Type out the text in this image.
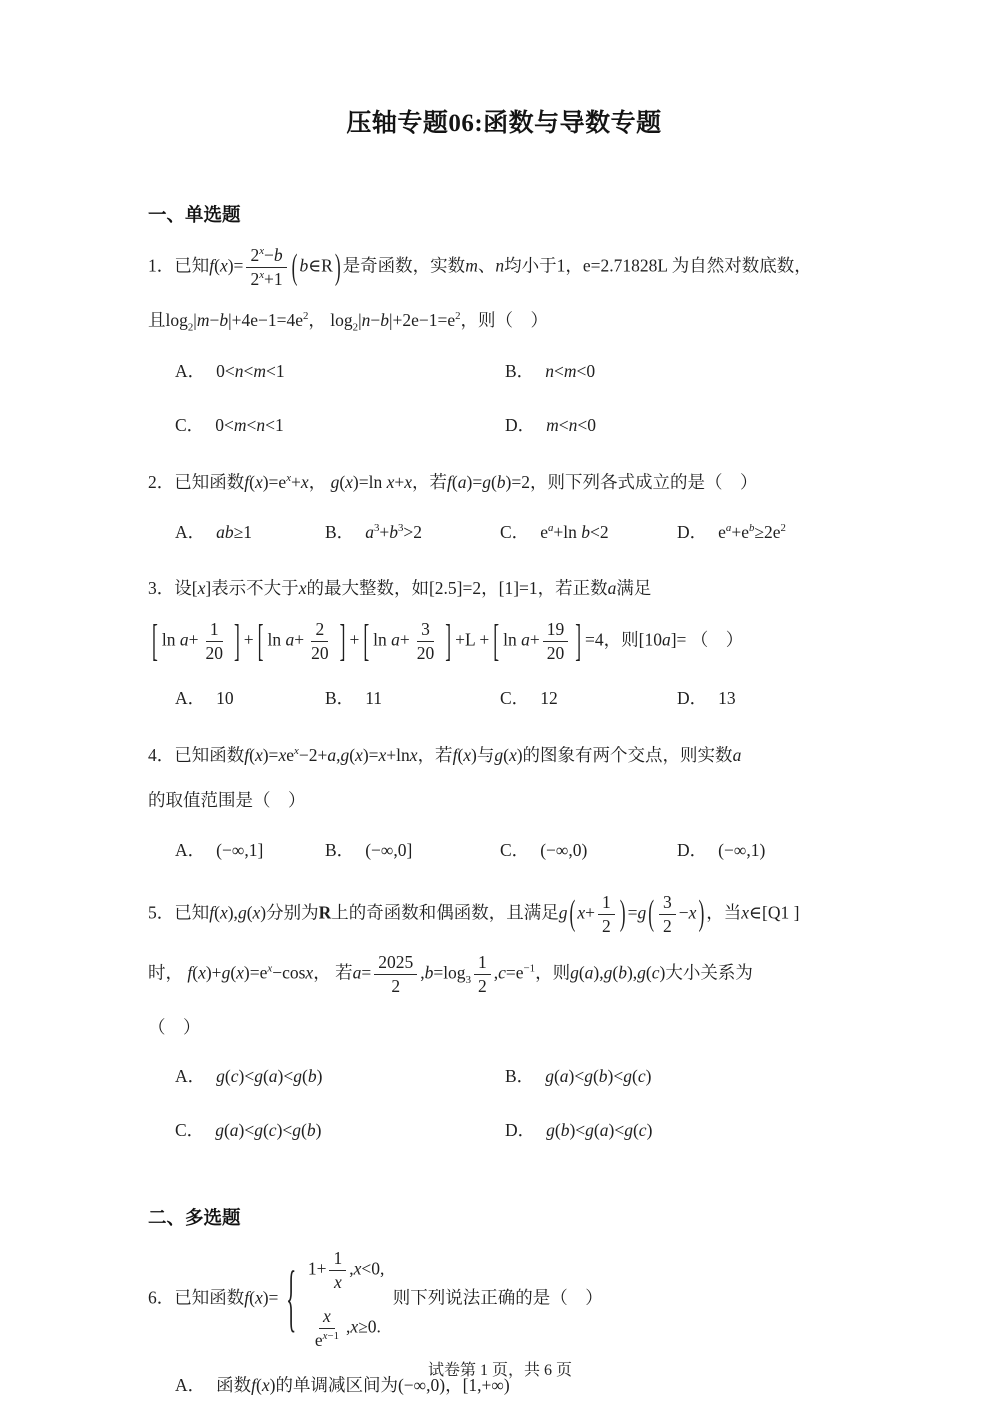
压轴专题06:函数与导数专题
一、单选题
1．已知$f(x)= \frac{2^x-b}{2^x+1}$ ( b∈R ) 是奇函数，实数m、n均小于1，e=2.71828L 为自然对数底数，
且$\log_2|m-b|+4e-1=4e^2$， $\log_2|n-b|+2e-1=e^2$，则（　）
A． 0<n<m<1	B． n<m<0
C． 0<m<n<1	D． m<n<0
2．已知函数$f(x)=e^x+x$， g(x)=ln x+x，若f(a)=g(b)=2，则下列各式成立的是（　）
A． ab≥1	B． $a^3+b^3>2$	C． $e^a+\ln$ b<2	D． $e^a+e^b\ge 2e^2$
3．设[x]表示不大于x的最大整数，如[2.5]=2，[1]=1，若正数a满足
[ $\ln a+ \frac{1}{20}$ ] + [ $\ln a+ \frac{2}{20}$ ] + [ $\ln a+ \frac{3}{20}$ ] +L + [ $\ln a+ \frac{19}{20}$ ] =4，则[10a]= （　）
A． 10	B． 11	C． 12	D． 13
4．已知函数$f(x)=xe^x-2+a,g(x)=x+\ln x$，若f(x)与g(x)的图象有两个交点，则实数a
的取值范围是（　）
A． (−∞,1]	B． (−∞,0]	C． (−∞,0)	D． (−∞,1)
5．已知f(x),g(x)分别为R上的奇函数和偶函数，且满足g ( $x+ \frac{1}{2}$ ) =g ( $\frac{3}{2} -x$ ) ，当x∈[Q1 ]
时， $f(x)+g(x)=e^x-\cos x$， 若$a= \frac{2025}{2} ,b=\log_3 \frac{1}{2} ,c=e^{-1}$，则g(a),g(b),g(c)大小关系为
（　）
A． g(c)<g(a)<g(b)	B． g(a)<g(b)<g(c)
C． g(a)<g(c)<g(b)	D． g(b)<g(a)<g(c)
二、多选题
6．已知函数f(x)= { $1+ \frac{1}{x} ,x<0$,
$\frac{x}{e^{x-1}} ,x\ge 0$.
则下列说法正确的是（　）
A． 函数f(x)的单调减区间为(−∞,0)，[1,+∞)
试卷第 1 页，共 6 页
